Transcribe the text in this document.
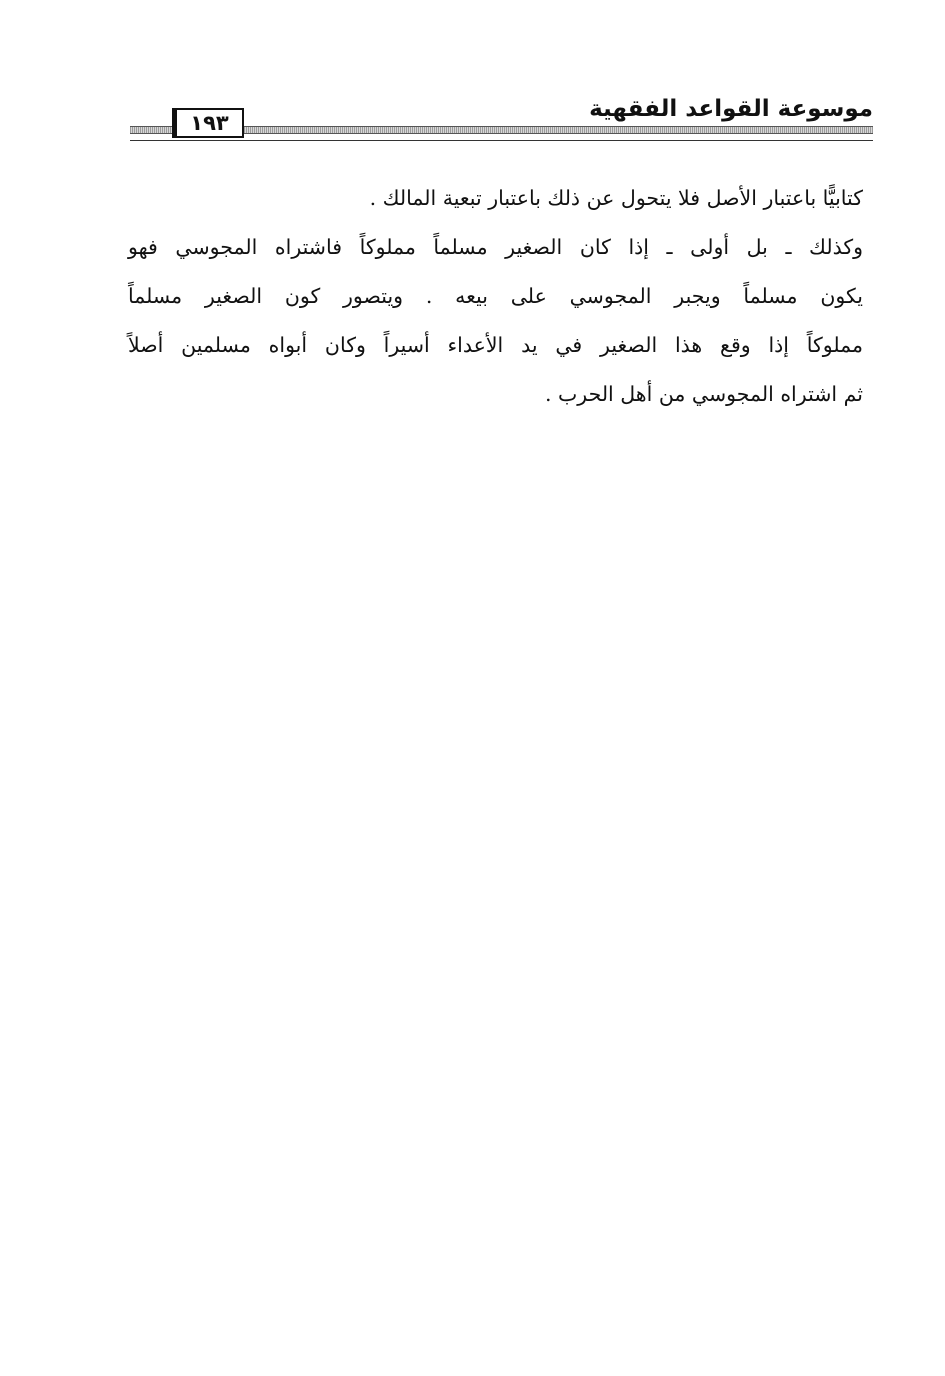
موسوعة القواعد الفقهية
١٩٣

كتابيًّا باعتبار الأصل فلا يتحول عن ذلك باعتبار تبعية المالك .

وكذلك ـ بل أولى ـ إذا كان الصغير مسلماً مملوكاً فاشتراه المجوسي فهو
يكون مسلماً ويجبر المجوسي على بيعه . ويتصور كون الصغير مسلماً
مملوكاً إذا وقع هذا الصغير في يد الأعداء أسيراً وكان أبواه مسلمين أصلاً
ثم اشتراه المجوسي من أهل الحرب .
